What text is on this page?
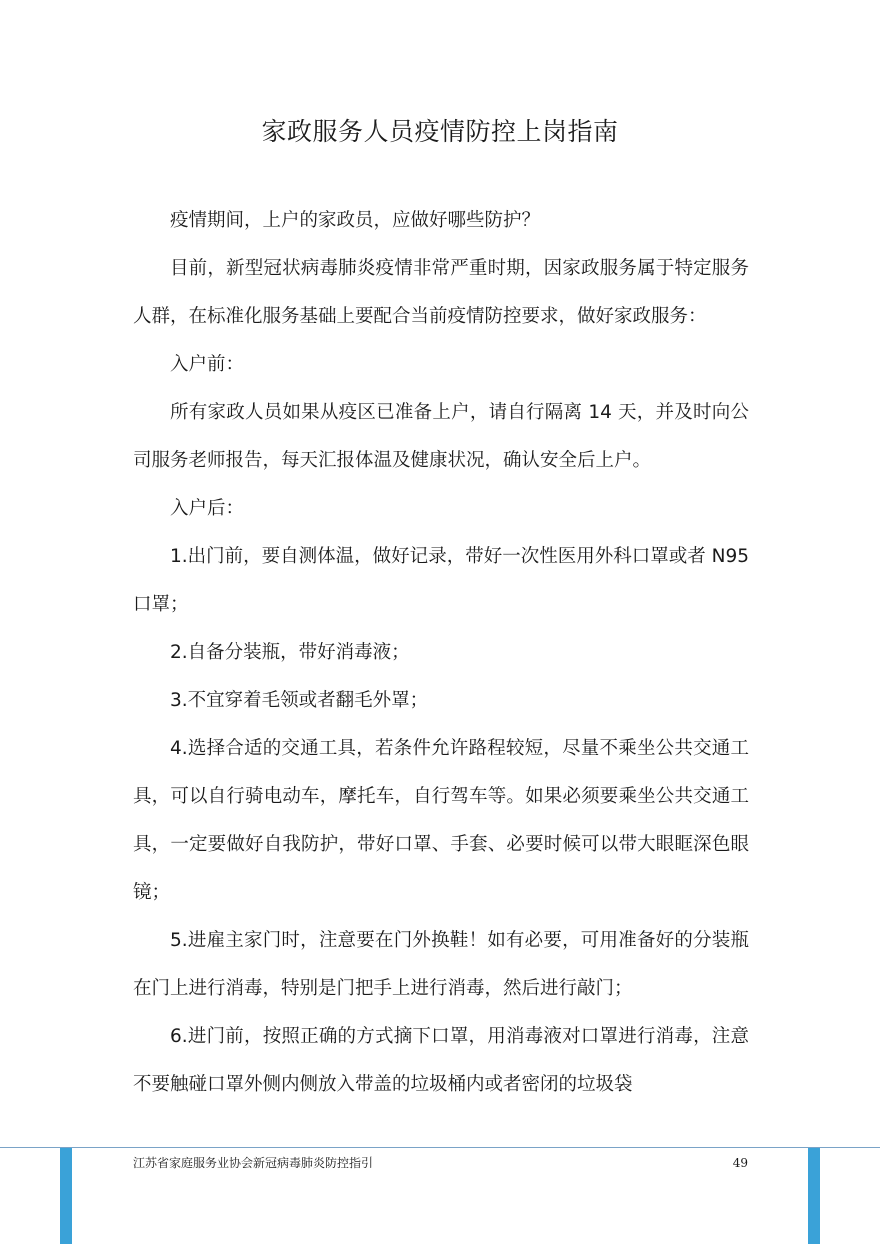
家政服务人员疫情防控上岗指南

疫情期间，上户的家政员，应做好哪些防护？

目前，新型冠状病毒肺炎疫情非常严重时期，因家政服务属于特定服务人群，在标准化服务基础上要配合当前疫情防控要求，做好家政服务：

入户前：

所有家政人员如果从疫区已准备上户，请自行隔离 14 天，并及时向公司服务老师报告，每天汇报体温及健康状况，确认安全后上户。

入户后：

1.出门前，要自测体温，做好记录，带好一次性医用外科口罩或者 N95 口罩；

2.自备分装瓶，带好消毒液；

3.不宜穿着毛领或者翻毛外罩；

4.选择合适的交通工具，若条件允许路程较短，尽量不乘坐公共交通工具，可以自行骑电动车，摩托车，自行驾车等。如果必须要乘坐公共交通工具，一定要做好自我防护，带好口罩、手套、必要时候可以带大眼眶深色眼镜；

5.进雇主家门时，注意要在门外换鞋！如有必要，可用准备好的分装瓶在门上进行消毒，特别是门把手上进行消毒，然后进行敲门；

6.进门前，按照正确的方式摘下口罩，用消毒液对口罩进行消毒，注意不要触碰口罩外侧内侧放入带盖的垃圾桶内或者密闭的垃圾袋

江苏省家庭服务业协会新冠病毒肺炎防控指引	49
